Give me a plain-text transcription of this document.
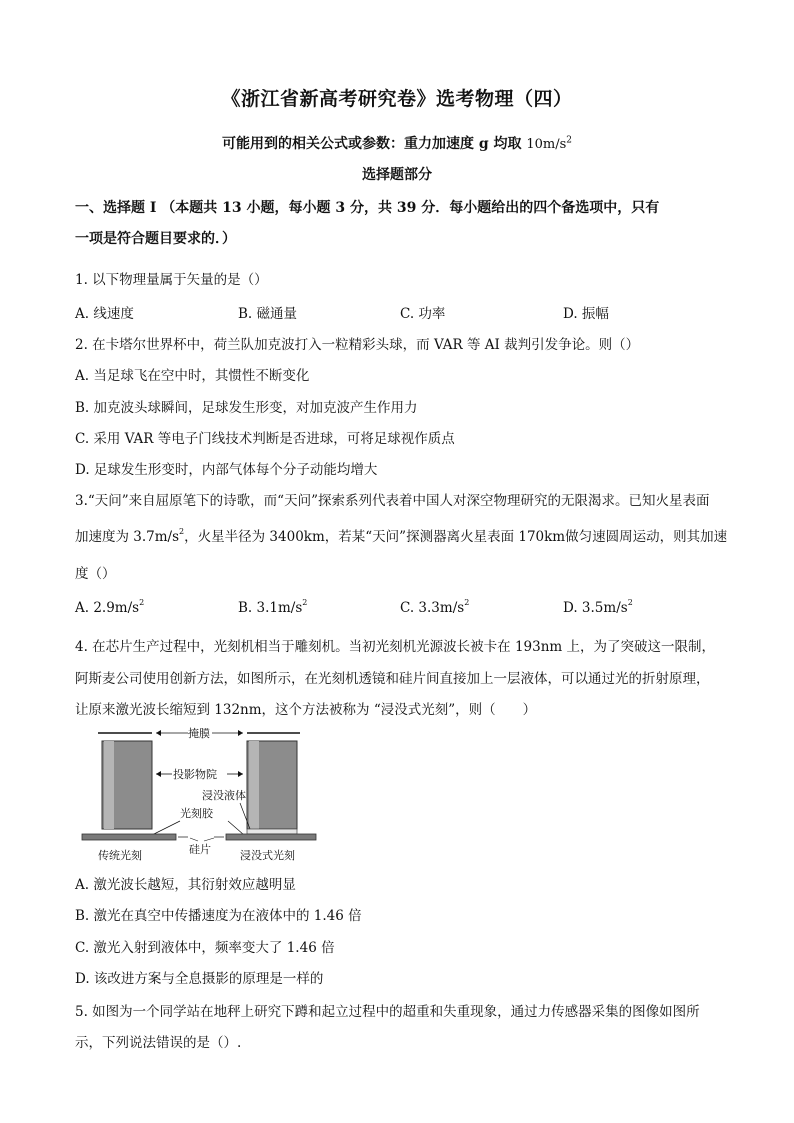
《浙江省新高考研究卷》选考物理（四）
可能用到的相关公式或参数：重力加速度 g 均取 $10m/s^2$
选择题部分
一、选择题 I （本题共 13 小题，每小题 3 分，共 39 分．每小题给出的四个备选项中，只有
一项是符合题目要求的．）
1. 以下物理量属于矢量的是（）
A. 线速度	B. 磁通量	C. 功率	D. 振幅
2. 在卡塔尔世界杯中，荷兰队加克波打入一粒精彩头球，而 VAR 等 AI 裁判引发争论。则（）
A. 当足球飞在空中时，其惯性不断变化
B. 加克波头球瞬间，足球发生形变，对加克波产生作用力
C. 采用 VAR 等电子门线技术判断是否进球，可将足球视作质点
D. 足球发生形变时，内部气体每个分子动能均增大
3.“天问”来自屈原笔下的诗歌，而“天问”探索系列代表着中国人对深空物理研究的无限渴求。已知火星表面
加速度为 $3.7m/s^2$，火星半径为 3400km，若某“天问”探测器离火星表面 170km做匀速圆周运动，则其加速
度（）
A. $2.9m/s^2$	B. $3.1m/s^2$	C. $3.3m/s^2$	D. $3.5m/s^2$
4. 在芯片生产过程中，光刻机相当于雕刻机。当初光刻机光源波长被卡在 193nm 上，为了突破这一限制，
阿斯麦公司使用创新方法，如图所示，在光刻机透镜和硅片间直接加上一层液体，可以通过光的折射原理，
让原来激光波长缩短到 132nm，这个方法被称为 “浸没式光刻”，则（　　）
掩膜
投影物院
浸没液体
光刻胶
硅片
传统光刻	浸没式光刻
A. 激光波长越短，其衍射效应越明显
B. 激光在真空中传播速度为在液体中的 1.46 倍
C. 激光入射到液体中，频率变大了 1.46 倍
D. 该改进方案与全息摄影的原理是一样的
5. 如图为一个同学站在地秤上研究下蹲和起立过程中的超重和失重现象，通过力传感器采集的图像如图所
示，下列说法错误的是（）.
